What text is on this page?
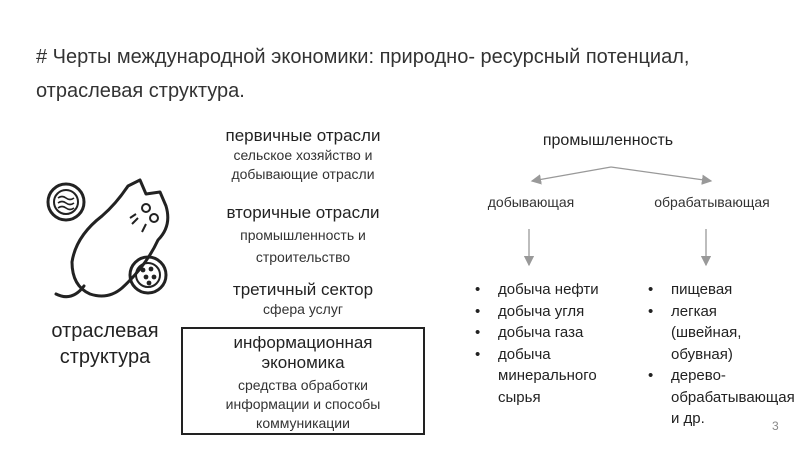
# Черты международной экономики: природно- ресурсный потенциал, отраслевая структура.
отраслевая
структура
первичные отрасли
сельское хозяйство и
добывающие отрасли
вторичные отрасли
промышленность и
строительство
третичный сектор
сфера услуг
информационная
экономика
средства обработки
информации и способы
коммуникации
промышленность
добывающая	обрабатывающая
• добыча нефти
• добыча угля
• добыча газа
• добыча минерального сырья
• пищевая
• легкая (швейная, обувная)
• дерево-обрабатывающая и др.	3
